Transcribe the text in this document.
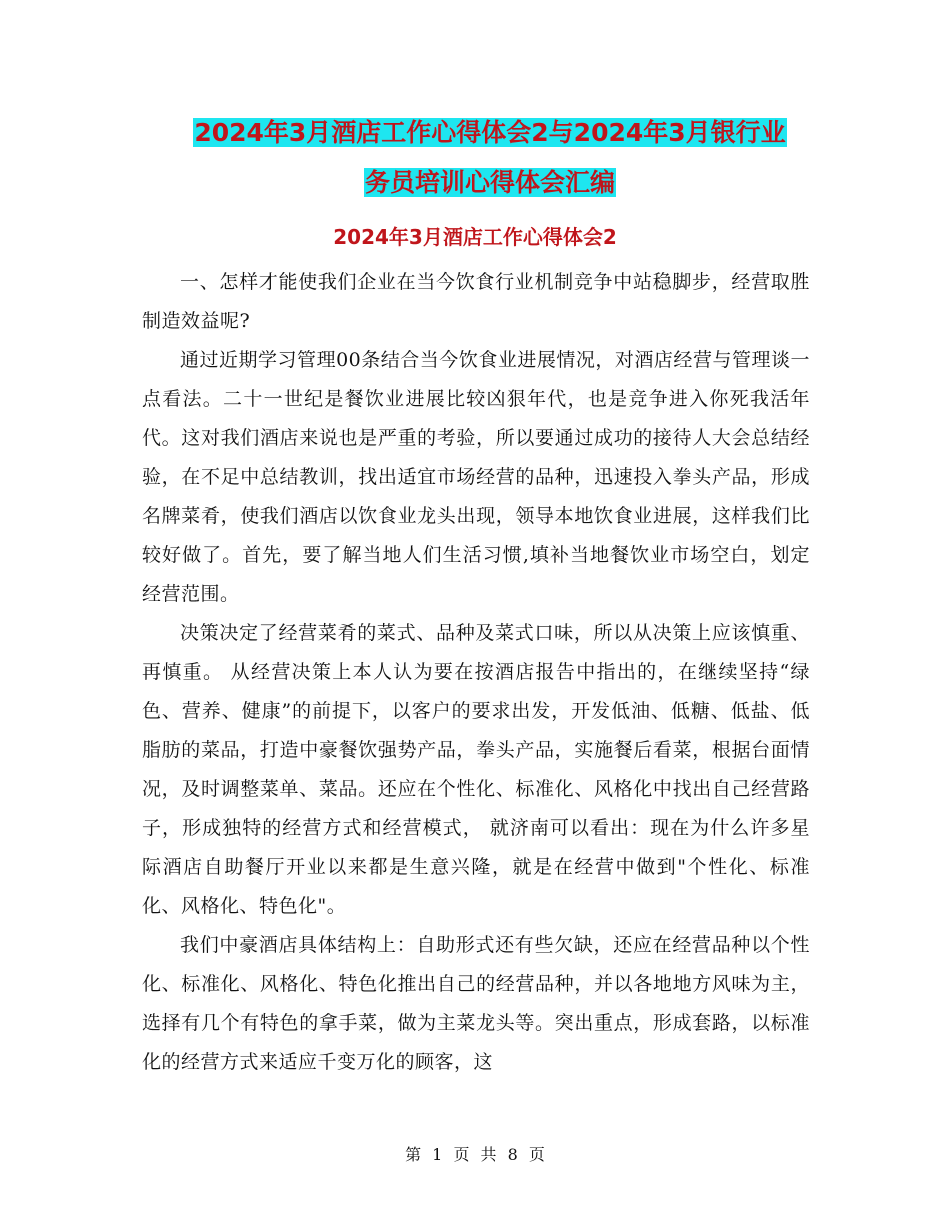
2024年3月酒店工作心得体会2与2024年3月银行业
务员培训心得体会汇编
2024年3月酒店工作心得体会2

一、怎样才能使我们企业在当今饮食行业机制竞争中站稳脚步，经营取胜制造效益呢?

通过近期学习管理00条结合当今饮食业进展情况，对酒店经营与管理谈一点看法。二十一世纪是餐饮业进展比较凶狠年代，也是竞争进入你死我活年代。这对我们酒店来说也是严重的考验，所以要通过成功的接待人大会总结经验，在不足中总结教训，找出适宜市场经营的品种，迅速投入拳头产品，形成名牌菜肴，使我们酒店以饮食业龙头出现，领导本地饮食业进展，这样我们比较好做了。首先，要了解当地人们生活习惯,填补当地餐饮业市场空白，划定经营范围。

决策决定了经营菜肴的菜式、品种及菜式口味，所以从决策上应该慎重、再慎重。 从经营决策上本人认为要在按酒店报告中指出的，在继续坚持“绿色、营养、健康”的前提下，以客户的要求出发，开发低油、低糖、低盐、低脂肪的菜品，打造中豪餐饮强势产品，拳头产品，实施餐后看菜，根据台面情况，及时调整菜单、菜品。还应在个性化、标准化、风格化中找出自己经营路子，形成独特的经营方式和经营模式， 就济南可以看出：现在为什么许多星际酒店自助餐厅开业以来都是生意兴隆，就是在经营中做到"个性化、标准化、风格化、特色化"。

我们中豪酒店具体结构上：自助形式还有些欠缺，还应在经营品种以个性化、标准化、风格化、特色化推出自己的经营品种，并以各地地方风味为主，选择有几个有特色的拿手菜，做为主菜龙头等。突出重点，形成套路，以标准化的经营方式来适应千变万化的顾客，这

第 1 页 共 8 页
